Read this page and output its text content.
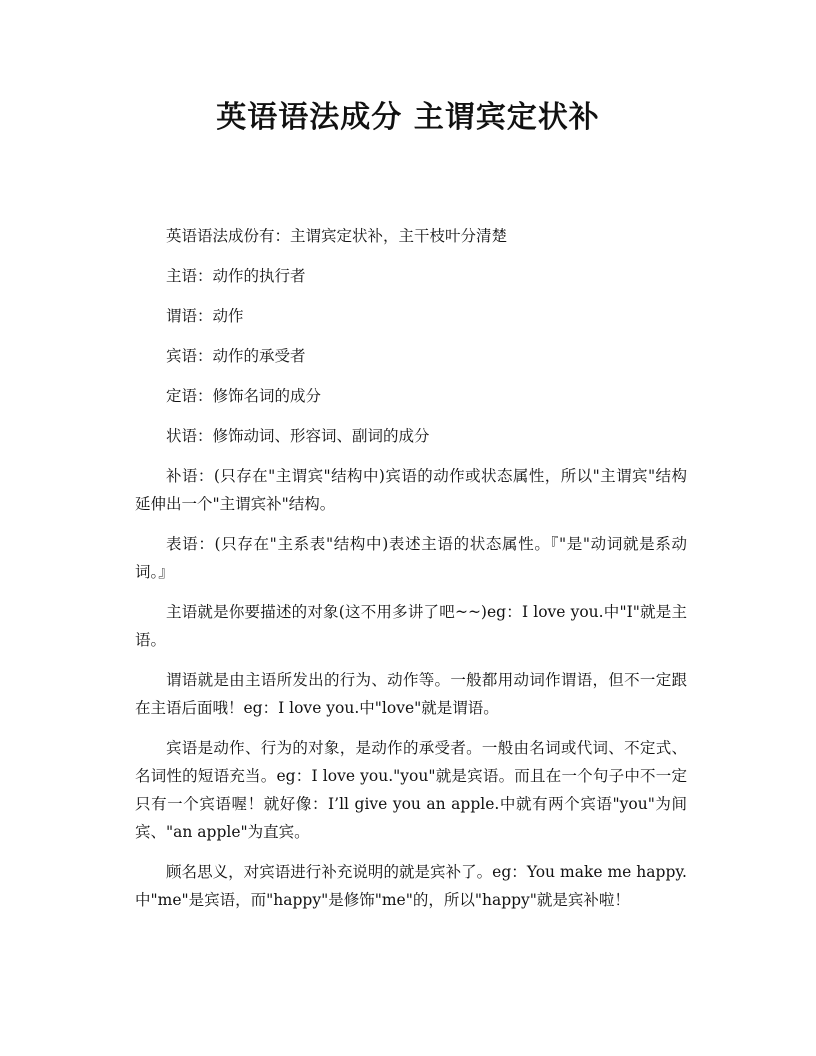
英语语法成分 主谓宾定状补

英语语法成份有：主谓宾定状补，主干枝叶分清楚

主语：动作的执行者

谓语：动作

宾语：动作的承受者

定语：修饰名词的成分

状语：修饰动词、形容词、副词的成分

补语：(只存在"主谓宾"结构中)宾语的动作或状态属性，所以"主谓宾"结构延伸出一个"主谓宾补"结构。

表语：(只存在"主系表"结构中)表述主语的状态属性。『"是"动词就是系动词。』

主语就是你要描述的对象(这不用多讲了吧~~)eg：I love you.中"I"就是主语。

谓语就是由主语所发出的行为、动作等。一般都用动词作谓语，但不一定跟在主语后面哦！eg：I love you.中"love"就是谓语。

宾语是动作、行为的对象，是动作的承受者。一般由名词或代词、不定式、名词性的短语充当。eg：I love you."you"就是宾语。而且在一个句子中不一定只有一个宾语喔！就好像：I’ll give you an apple.中就有两个宾语"you"为间宾、"an apple"为直宾。

顾名思义，对宾语进行补充说明的就是宾补了。eg：You make me happy.中"me"是宾语，而"happy"是修饰"me"的，所以"happy"就是宾补啦！
